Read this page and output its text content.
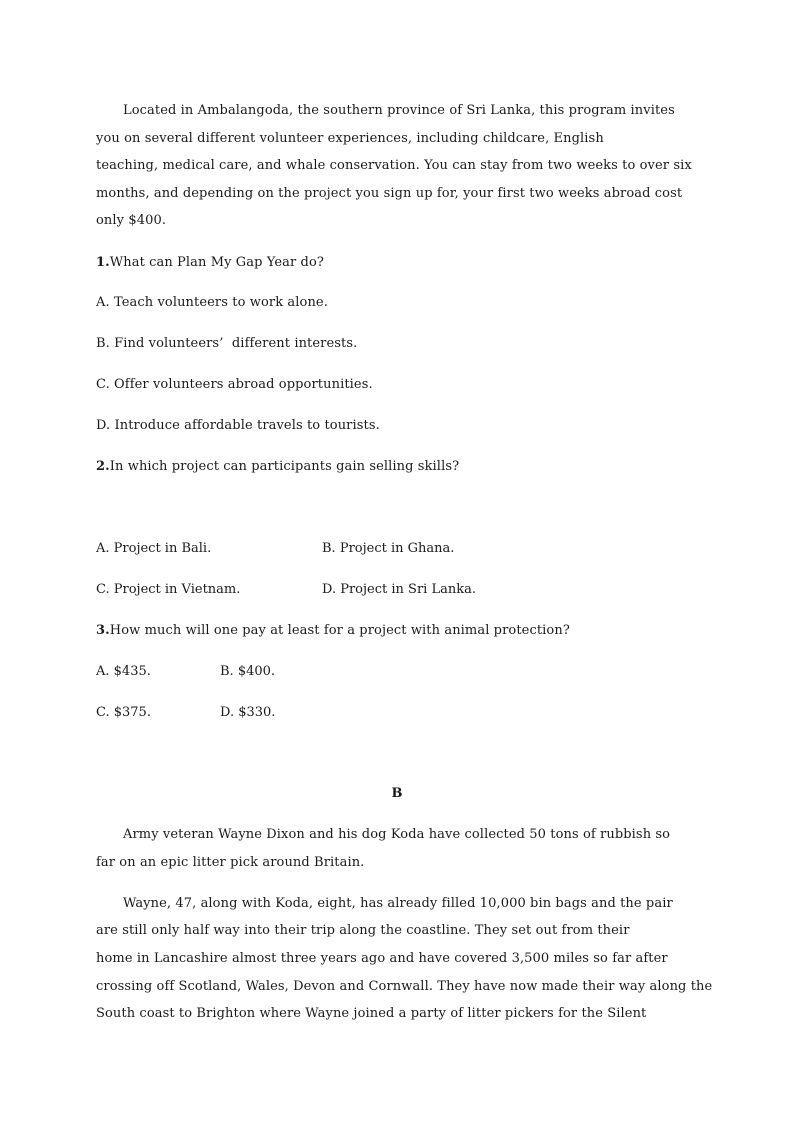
Located in Ambalangoda, the southern province of Sri Lanka, this program invites
you on several different volunteer experiences, including childcare, English
teaching, medical care, and whale conservation. You can stay from two weeks to over six
months, and depending on the project you sign up for, your first two weeks abroad cost
only $400.
1.What can Plan My Gap Year do?
A. Teach volunteers to work alone.
B. Find volunteers’  different interests.
C. Offer volunteers abroad opportunities.
D. Introduce affordable travels to tourists.
2.In which project can participants gain selling skills?
A. Project in Bali.	B. Project in Ghana.
C. Project in Vietnam.	D. Project in Sri Lanka.
3.How much will one pay at least for a project with animal protection?
A. $435.	B. $400.
C. $375.	D. $330.
B
Army veteran Wayne Dixon and his dog Koda have collected 50 tons of rubbish so
far on an epic litter pick around Britain.
Wayne, 47, along with Koda, eight, has already filled 10,000 bin bags and the pair
are still only half way into their trip along the coastline. They set out from their
home in Lancashire almost three years ago and have covered 3,500 miles so far after
crossing off Scotland, Wales, Devon and Cornwall. They have now made their way along the
South coast to Brighton where Wayne joined a party of litter pickers for the Silent
